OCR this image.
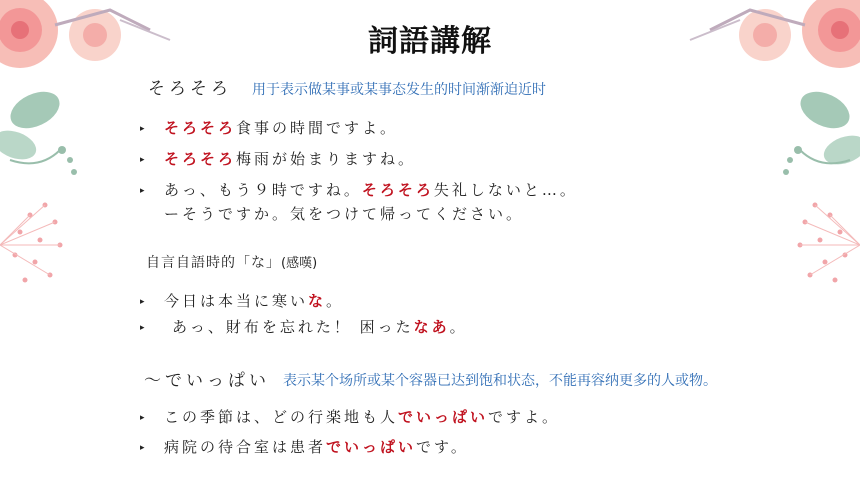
詞語講解
そろそろ 用于表示做某事或某事态发生的时间渐渐迫近时
▸ そろそろ食事の時間ですよ。
▸ そろそろ梅雨が始まりますね。
▸ あっ、もう９時ですね。そろそろ失礼しないと…。
ーそうですか。気をつけて帰ってください。
自言自語時的「な」(感嘆)
▸ 今日は本当に寒いな。
▸ あっ、財布を忘れた！ 困ったなあ。
～でいっぱい 表示某个场所或某个容器已达到饱和状态，不能再容纳更多的人或物。
▸ この季節は、どの行楽地も人でいっぱいですよ。
▸ 病院の待合室は患者でいっぱいです。
